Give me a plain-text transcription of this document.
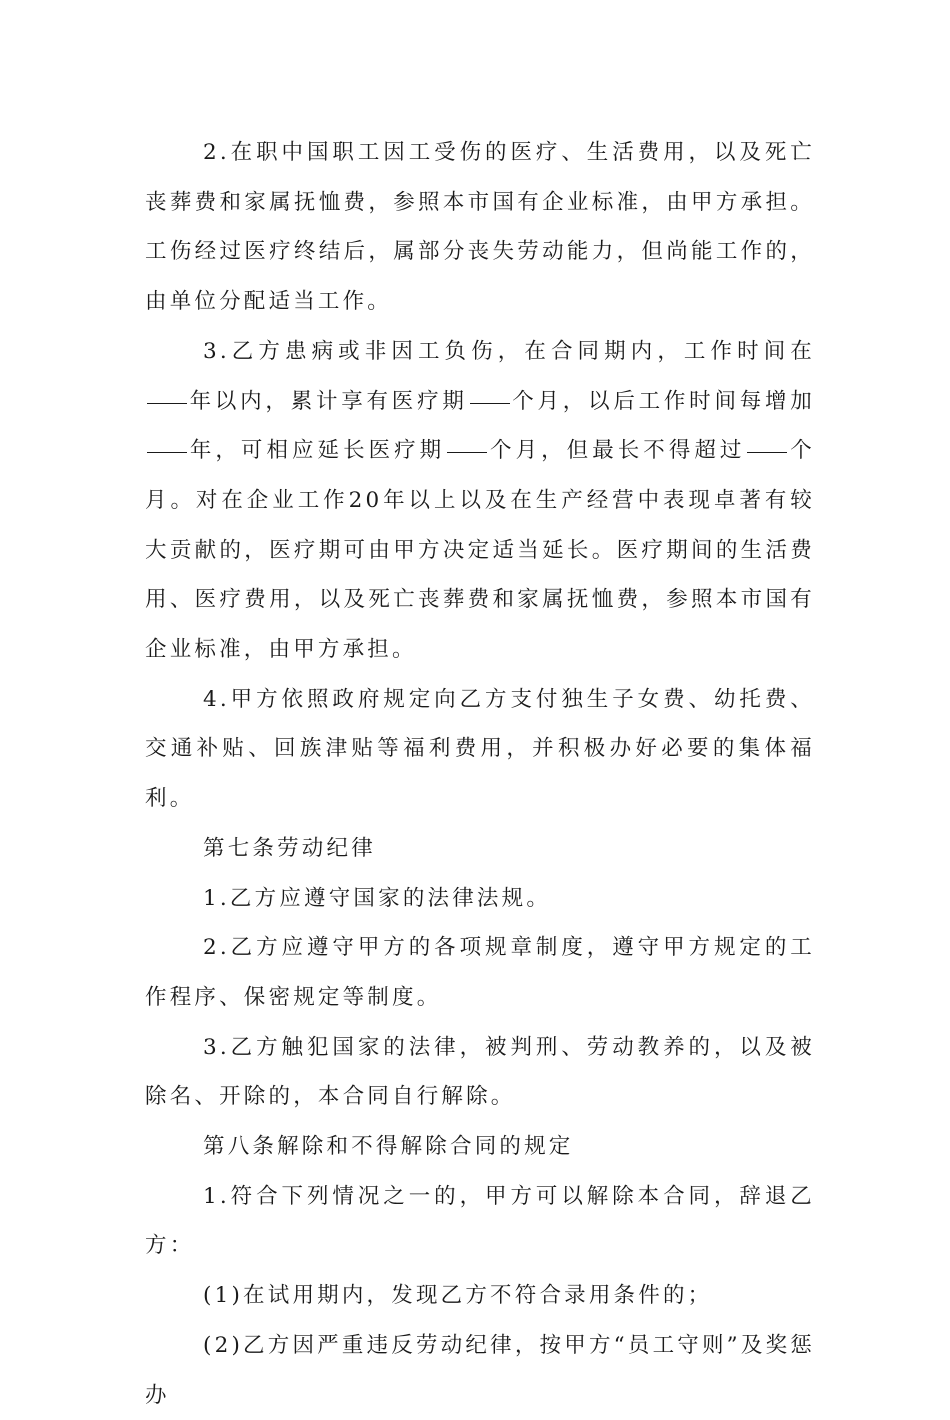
2.在职中国职工因工受伤的医疗、生活费用，以及死亡丧葬费和家属抚恤费，参照本市国有企业标准，由甲方承担。工伤经过医疗终结后，属部分丧失劳动能力，但尚能工作的，由单位分配适当工作。

3.乙方患病或非因工负伤，在合同期内，工作时间在年以内，累计享有医疗期 个月，以后工作时间每增加年，可相应延长医疗期 个月，但最长不得超过 个月。对在企业工作20年以上以及在生产经营中表现卓著有较大贡献的，医疗期可由甲方决定适当延长。医疗期间的生活费用、医疗费用，以及死亡丧葬费和家属抚恤费，参照本市国有企业标准，由甲方承担。

4.甲方依照政府规定向乙方支付独生子女费、幼托费、交通补贴、回族津贴等福利费用，并积极办好必要的集体福利。

第七条劳动纪律

1.乙方应遵守国家的法律法规。

2.乙方应遵守甲方的各项规章制度，遵守甲方规定的工作程序、保密规定等制度。

3.乙方触犯国家的法律，被判刑、劳动教养的，以及被除名、开除的，本合同自行解除。

第八条解除和不得解除合同的规定

1.符合下列情况之一的，甲方可以解除本合同，辞退乙方：

(1)在试用期内，发现乙方不符合录用条件的；

(2)乙方因严重违反劳动纪律，按甲方“员工守则”及奖惩办
